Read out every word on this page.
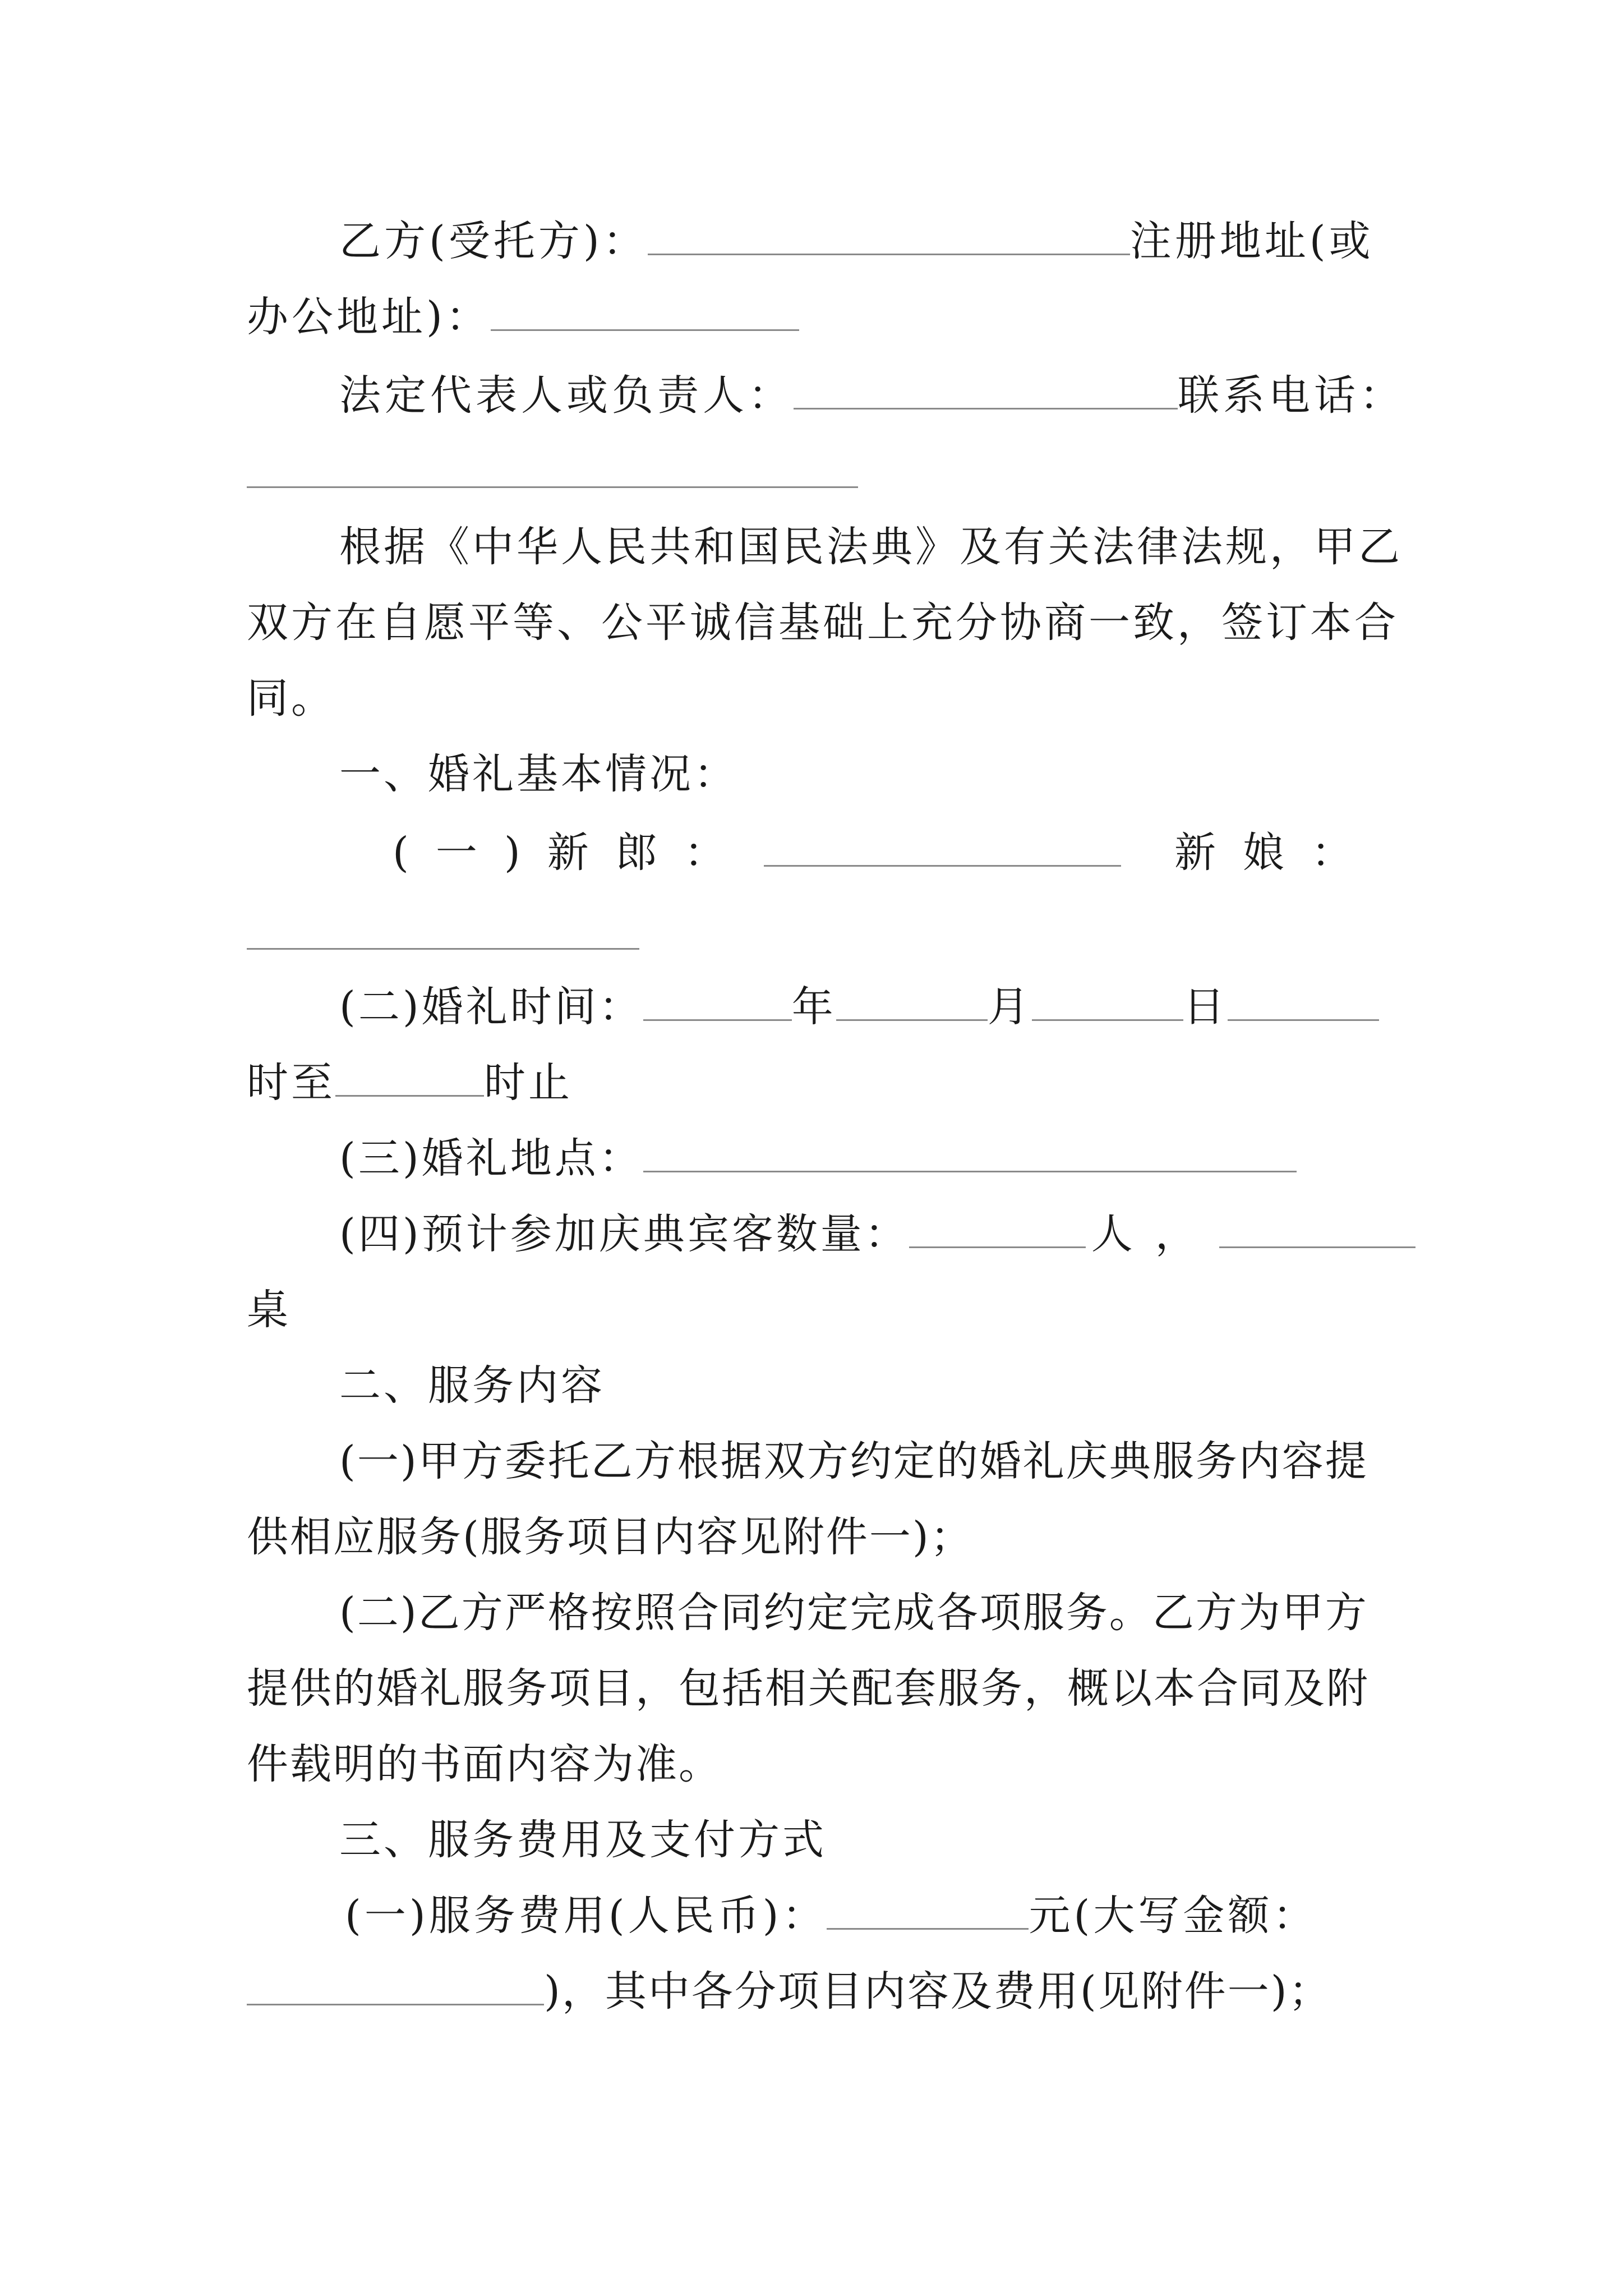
乙方(受托方)：	注册地址(或
办公地址)：
法定代表人或负责人：	联系电话：
根据《中华人民共和国民法典》及有关法律法规，甲乙
双方在自愿平等、公平诚信基础上充分协商一致，签订本合
同。
一、婚礼基本情况：
(一)新郎：	新娘：
(二)婚礼时间：	年	月	日
时至	时止
(三)婚礼地点：
(四)预计参加庆典宾客数量：	人，
桌
二、服务内容
(一)甲方委托乙方根据双方约定的婚礼庆典服务内容提
供相应服务(服务项目内容见附件一)；
(二)乙方严格按照合同约定完成各项服务。乙方为甲方
提供的婚礼服务项目，包括相关配套服务，概以本合同及附
件载明的书面内容为准。
三、服务费用及支付方式
(一)服务费用(人民币)：	元(大写金额：
)，其中各分项目内容及费用(见附件一)；
